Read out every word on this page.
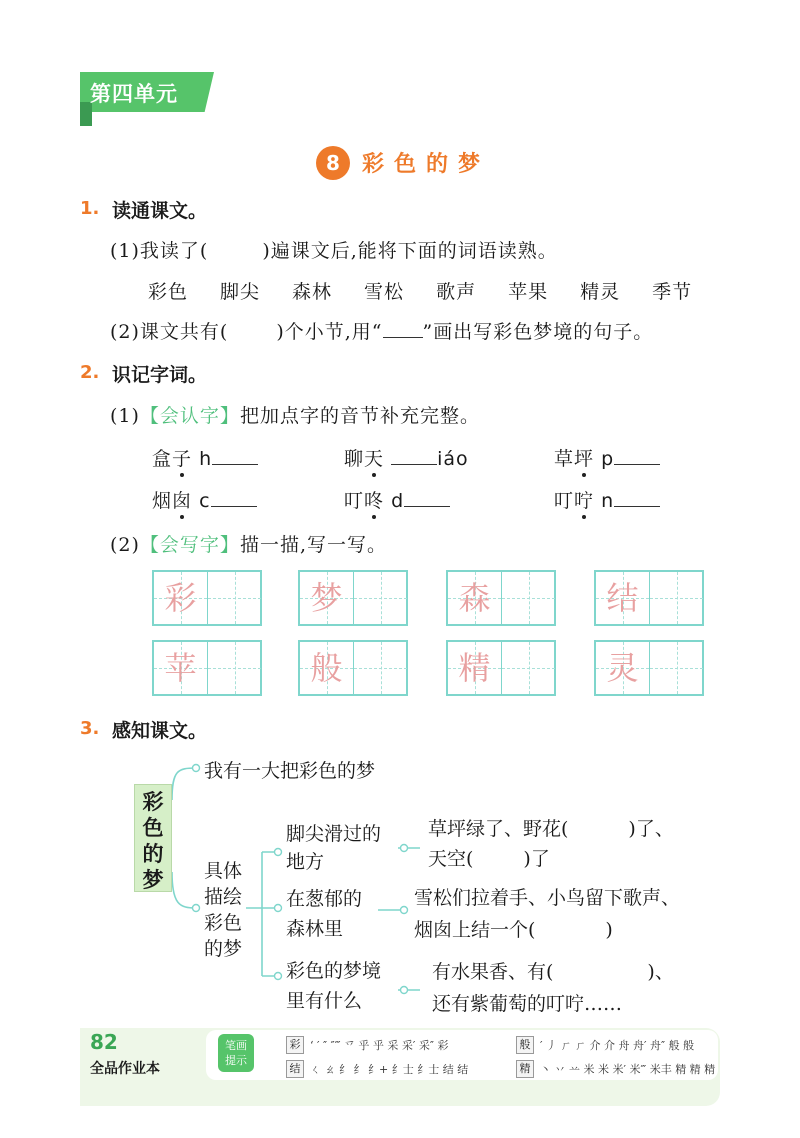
第四单元
8	彩色的梦
1. 读通课文。
(1)我读了(	)遍课文后,能将下面的词语读熟。
彩色 脚尖 森林 雪松 歌声 苹果 精灵 季节
(2)课文共有(	)个小节,用“ ”画出写彩色梦境的句子。
2. 识记字词。
(1)【会认字】把加点字的音节补充完整。
盒子 h	聊天	iáo	草坪 p
烟囱 c	叮咚 d	叮咛 n
(2)【会写字】描一描,写一写。
彩	梦	森	结
苹	般	精	灵
3. 感知课文。
彩
色
的
梦
我有一大把彩色的梦
具体
描绘
彩色
的梦
脚尖滑过的
地方
草坪绿了、野花(	)了、
天空(	)了
在葱郁的
森林里
雪松们拉着手、小鸟留下歌声、
烟囱上结一个(	)
彩色的梦境
里有什么
有水果香、有(	)、
还有紫葡萄的叮咛……
82
全品作业本
笔画
提示
彩 ‘ ′ ″ ″‴ 乊 乎 乎 采 采′ 采″ 彩	般 ′ 丿 ㄏ ㄏ 介 介 舟 舟′ 舟″ 般 般
结 ㄑ ㄠ 纟 纟 纟+ 纟士 纟士 结 结	精 丶 丷 䒑 米 米 米′ 米‴ 米丰 精 精 精
